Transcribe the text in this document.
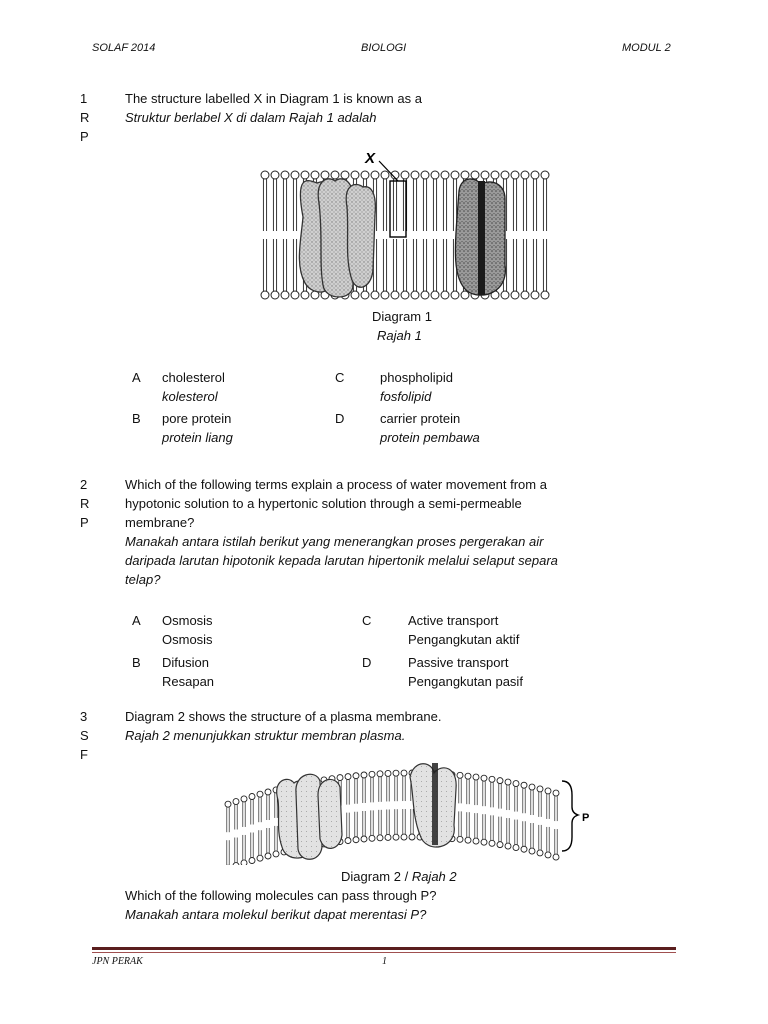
SOLAF 2014	BIOLOGI	MODUL 2
1
R
P
The structure labelled X in Diagram 1 is known as a
Struktur berlabel X di dalam Rajah 1 adalah
X
Diagram 1
Rajah 1
A cholesterol
kolesterol
B pore protein
protein liang
C	phospholipid
fosfolipid
D	carrier protein
protein pembawa
2
R
P
Which of the following terms explain a process of water movement from a
hypotonic solution to a hypertonic solution through a semi-permeable
membrane?
Manakah antara istilah berikut yang menerangkan proses pergerakan air
daripada larutan hipotonik kepada larutan hipertonik melalui selaput separa
telap?
A Osmosis
Osmosis
B Difusion
Resapan
C	Active transport
Pengangkutan aktif
D	Passive transport
Pengangkutan pasif
3
S
F
Diagram 2 shows the structure of a plasma membrane.
Rajah 2 menunjukkan struktur membran plasma.
P
Diagram 2 / Rajah 2
Which of the following molecules can pass through P?
Manakah antara molekul berikut dapat merentasi P?
JPN PERAK	1
